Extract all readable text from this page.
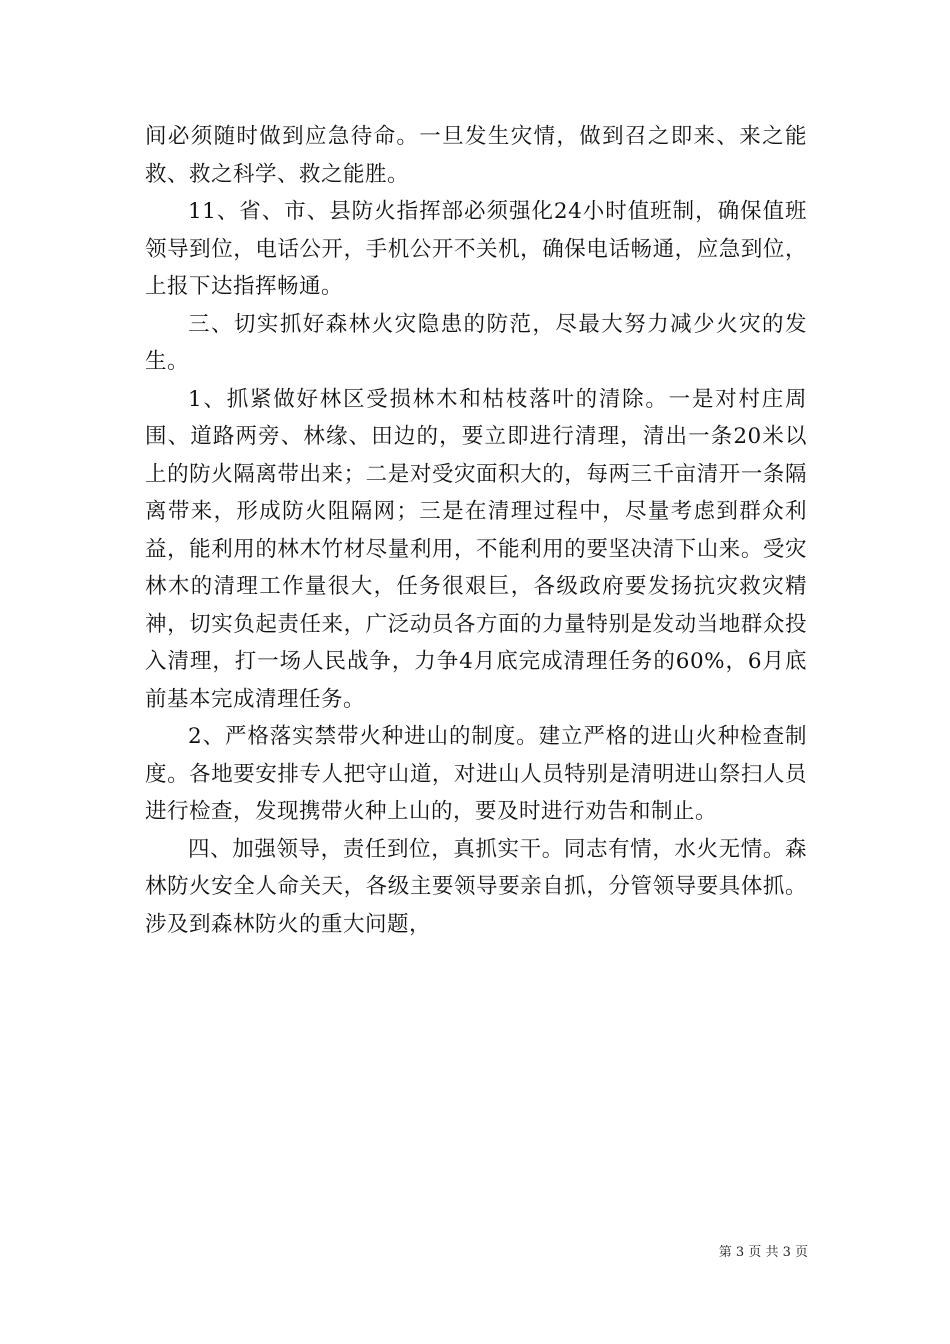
间必须随时做到应急待命。一旦发生灾情，做到召之即来、来之能救、救之科学、救之能胜。

11、省、市、县防火指挥部必须强化24小时值班制，确保值班领导到位，电话公开，手机公开不关机，确保电话畅通，应急到位，上报下达指挥畅通。

三、切实抓好森林火灾隐患的防范，尽最大努力减少火灾的发生。

1、抓紧做好林区受损林木和枯枝落叶的清除。一是对村庄周围、道路两旁、林缘、田边的，要立即进行清理，清出一条20米以上的防火隔离带出来；二是对受灾面积大的，每两三千亩清开一条隔离带来，形成防火阻隔网；三是在清理过程中，尽量考虑到群众利益，能利用的林木竹材尽量利用，不能利用的要坚决清下山来。受灾林木的清理工作量很大，任务很艰巨，各级政府要发扬抗灾救灾精神，切实负起责任来，广泛动员各方面的力量特别是发动当地群众投入清理，打一场人民战争，力争4月底完成清理任务的60%，6月底前基本完成清理任务。

2、严格落实禁带火种进山的制度。建立严格的进山火种检查制度。各地要安排专人把守山道，对进山人员特别是清明进山祭扫人员进行检查，发现携带火种上山的，要及时进行劝告和制止。

四、加强领导，责任到位，真抓实干。同志有情，水火无情。森林防火安全人命关天，各级主要领导要亲自抓，分管领导要具体抓。涉及到森林防火的重大问题，

第 3 页 共 3 页
